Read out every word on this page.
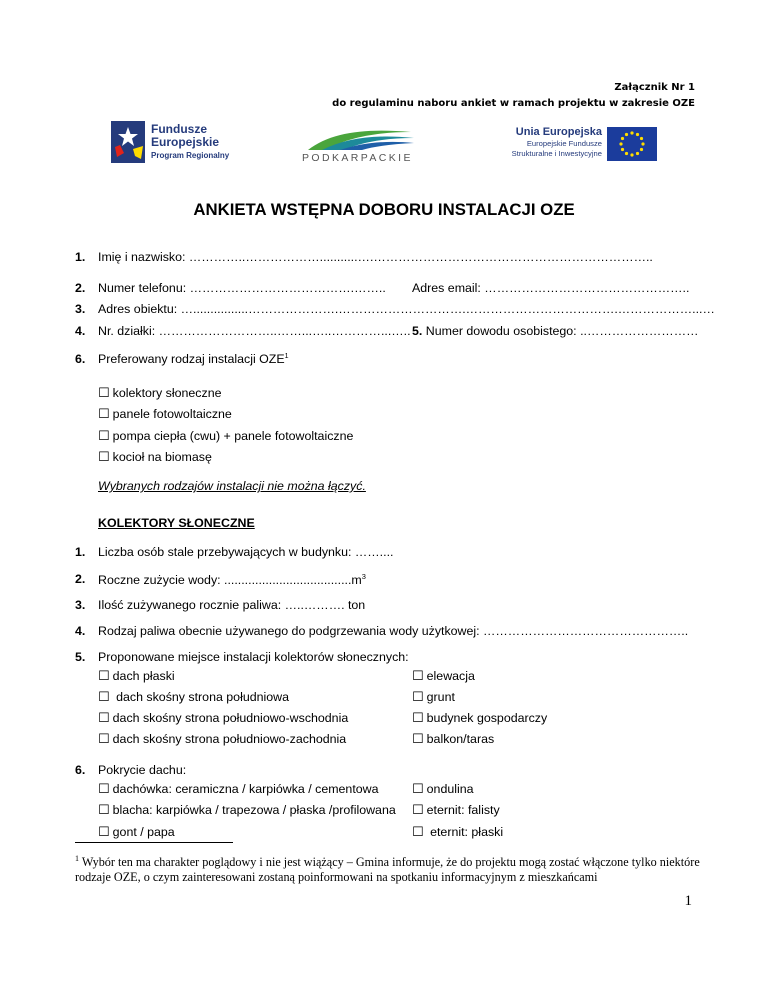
Załącznik Nr 1
do regulaminu naboru ankiet w ramach projektu w zakresie OZE
Fundusze
Europejskie
Program Regionalny	PODKARPACKIE
Unia Europejska
Europejskie Fundusze
Strukturalne i Inwestycyjne
ANKIETA WSTĘPNA DOBORU INSTALACJI OZE
1. Imię i nazwisko: …………..………………...........….…………………………………………………………..
2. Numer telefonu: ………………………………….…….. Adres email: …………………………………………..
3. Adres obiektu: …................………………….………………………….……………………………….………………...…
4. Nr. działki: ………………………..……...…..…………...….. 5. Numer dowodu osobistego: ..………………………
6. Preferowany rodzaj instalacji OZE$^1$
☐ kolektory słoneczne
☐ panele fotowoltaiczne
☐ pompa ciepła (cwu) + panele fotowoltaiczne
☐ kocioł na biomasę
Wybranych rodzajów instalacji nie można łączyć.
KOLEKTORY SŁONECZNE
1. Liczba osób stale przebywających w budynku: ……....
2. Roczne zużycie wody: $.....................................m^3$
3. Ilość zużywanego rocznie paliwa: …..………. ton
4. Rodzaj paliwa obecnie używanego do podgrzewania wody użytkowej: …………………………………………..
5. Proponowane miejsce instalacji kolektorów słonecznych:
☐ dach płaski
☐ dach skośny strona południowa
☐ dach skośny strona południowo-wschodnia
☐ dach skośny strona południowo-zachodnia
☐ elewacja
☐ grunt
☐ budynek gospodarczy
☐ balkon/taras
6. Pokrycie dachu:
☐ dachówka: ceramiczna / karpiówka / cementowa
☐ blacha: karpiówka / trapezowa / płaska /profilowana
☐ gont / papa
☐ ondulina
☐ eternit: falisty
☐ eternit: płaski
$^1$ Wybór ten ma charakter poglądowy i nie jest wiążący – Gmina informuje, że do projektu mogą zostać włączone tylko niektóre
rodzaje OZE, o czym zainteresowani zostaną poinformowani na spotkaniu informacyjnym z mieszkańcami
1
